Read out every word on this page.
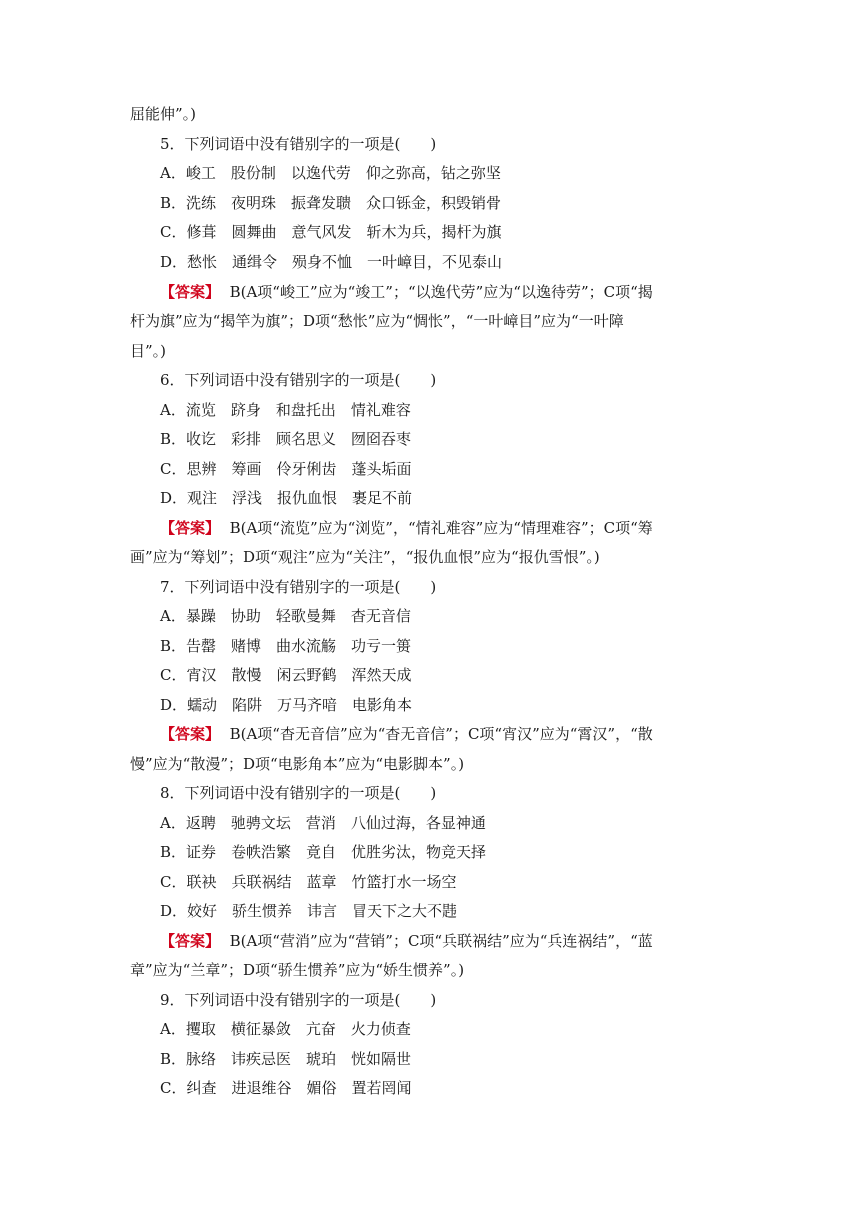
屈能伸”。)
5．下列词语中没有错别字的一项是(　　)
A．峻工　股份制　以逸代劳　仰之弥高，钻之弥坚
B．洗练　夜明珠　振聋发聩　众口铄金，积毁销骨
C．修葺　圆舞曲　意气风发　斩木为兵，揭杆为旗
D．愁怅　通缉令　殒身不恤　一叶嶂目，不见泰山
【答案】 B(A项“峻工”应为“竣工”；“以逸代劳”应为“以逸待劳”；C项“揭
杆为旗”应为“揭竿为旗”；D项“愁怅”应为“惆怅”，“一叶嶂目”应为“一叶障
目”。)
6．下列词语中没有错别字的一项是(　　)
A．流览　跻身　和盘托出　情礼难容
B．收讫　彩排　顾名思义　囫囵吞枣
C．思辨　筹画　伶牙俐齿　蓬头垢面
D．观注　浮浅　报仇血恨　裹足不前
【答案】 B(A项“流览”应为“浏览”，“情礼难容”应为“情理难容”；C项“筹
画”应为“筹划”；D项“观注”应为“关注”，“报仇血恨”应为“报仇雪恨”。)
7．下列词语中没有错别字的一项是(　　)
A．暴躁　协助　轻歌曼舞　杳无音信
B．告罄　赌博　曲水流觞　功亏一篑
C．宵汉　散慢　闲云野鹤　浑然天成
D．蠕动　陷阱　万马齐喑　电影角本
【答案】 B(A项“杳无音信”应为“杳无音信”；C项“宵汉”应为“霄汉”，“散
慢”应为“散漫”；D项“电影角本”应为“电影脚本”。)
8．下列词语中没有错别字的一项是(　　)
A．返聘　驰骋文坛　营消　八仙过海，各显神通
B．证券　卷帙浩繁　竟自　优胜劣汰，物竞天择
C．联袂　兵联祸结　蓝章　竹篮打水一场空
D．姣好　骄生惯养　讳言　冒天下之大不韪
【答案】 B(A项“营消”应为“营销”；C项“兵联祸结”应为“兵连祸结”，“蓝
章”应为“兰章”；D项“骄生惯养”应为“娇生惯养”。)
9．下列词语中没有错别字的一项是(　　)
A．攫取　横征暴敛　亢奋　火力侦查
B．脉络　讳疾忌医　琥珀　恍如隔世
C．纠查　进退维谷　媚俗　置若罔闻
